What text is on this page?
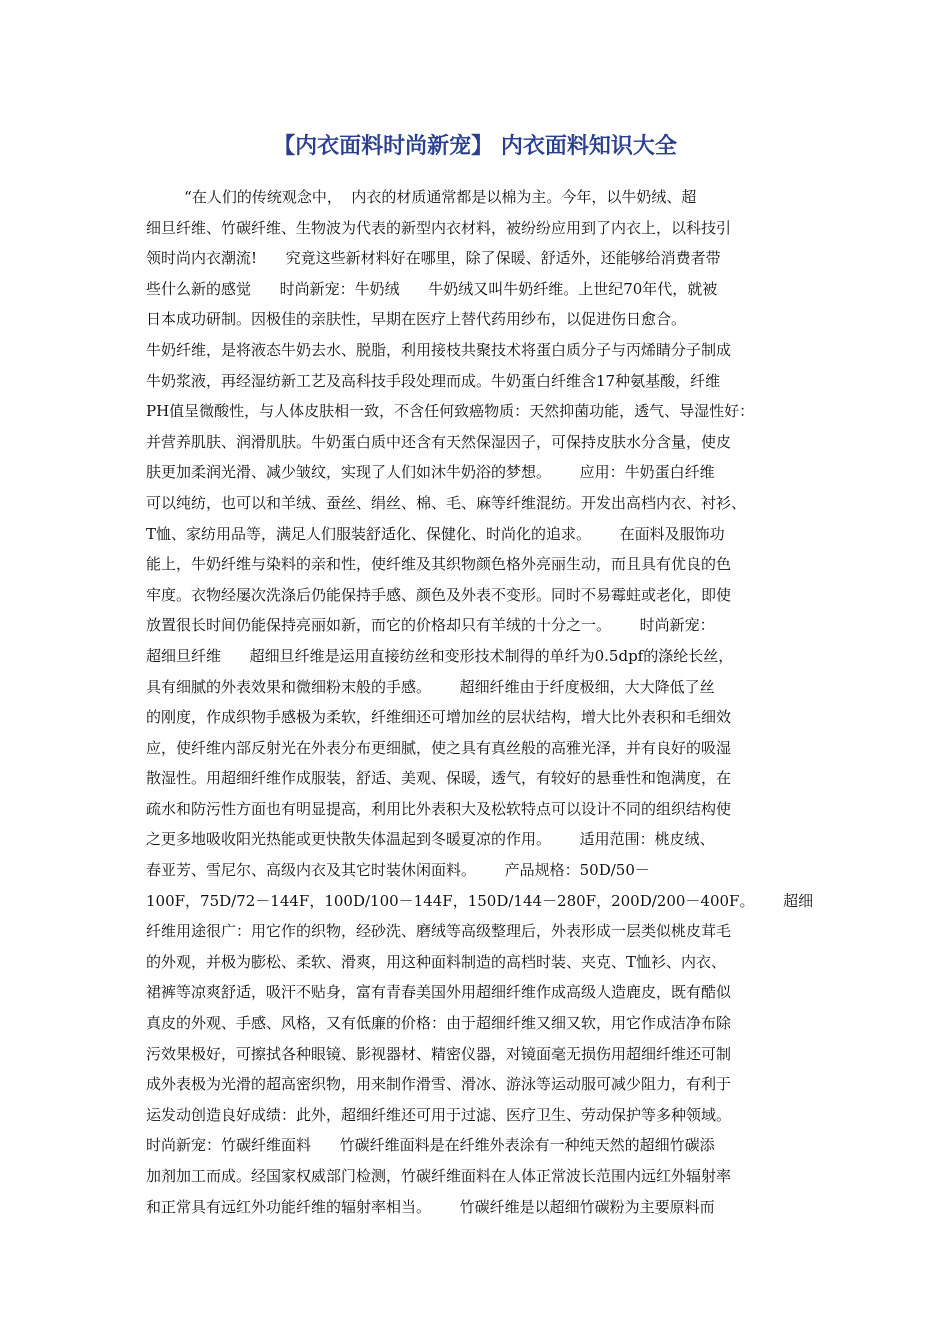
【内衣面料时尚新宠】 内衣面料知识大全
“在人们的传统观念中，  内衣的材质通常都是以棉为主。今年，以牛奶绒、超
细旦纤维、竹碳纤维、生物波为代表的新型内衣材料，被纷纷应用到了内衣上，以科技引
领时尚内衣潮流!      究竟这些新材料好在哪里，除了保暖、舒适外，还能够给消费者带
些什么新的感觉      时尚新宠：牛奶绒      牛奶绒又叫牛奶纤维。上世纪70年代，就被
日本成功研制。因极佳的亲肤性，早期在医疗上替代药用纱布，以促进伤日愈合。
牛奶纤维，是将液态牛奶去水、脱脂，利用接枝共聚技术将蛋白质分子与丙烯睛分子制成
牛奶浆液，再经湿纺新工艺及高科技手段处理而成。牛奶蛋白纤维含17种氨基酸，纤维
PH值呈微酸性，与人体皮肤相一致，不含任何致癌物质：天然抑菌功能，透气、导湿性好：
并营养肌肤、润滑肌肤。牛奶蛋白质中还含有天然保湿因子，可保持皮肤水分含量，使皮
肤更加柔润光滑、减少皱纹，实现了人们如沐牛奶浴的梦想。      应用：牛奶蛋白纤维
可以纯纺，也可以和羊绒、蚕丝、绢丝、棉、毛、麻等纤维混纺。开发出高档内衣、衬衫、
T恤、家纺用品等，满足人们服装舒适化、保健化、时尚化的追求。      在面料及服饰功
能上，牛奶纤维与染料的亲和性，使纤维及其织物颜色格外亮丽生动，而且具有优良的色
牢度。衣物经屡次洗涤后仍能保持手感、颜色及外表不变形。同时不易霉蛀或老化，即使
放置很长时间仍能保持亮丽如新，而它的价格却只有羊绒的十分之一。      时尚新宠：
超细旦纤维      超细旦纤维是运用直接纺丝和变形技术制得的单纤为0.5dpf的涤纶长丝，
具有细腻的外表效果和微细粉末般的手感。      超细纤维由于纤度极细，大大降低了丝
的刚度，作成织物手感极为柔软，纤维细还可增加丝的层状结构，增大比外表积和毛细效
应，使纤维内部反射光在外表分布更细腻，使之具有真丝般的高雅光泽，并有良好的吸湿
散湿性。用超细纤维作成服装，舒适、美观、保暖，透气，有较好的悬垂性和饱满度，在
疏水和防污性方面也有明显提高，利用比外表积大及松软特点可以设计不同的组织结构使
之更多地吸收阳光热能或更快散失体温起到冬暖夏凉的作用。      适用范围：桃皮绒、
春亚芳、雪尼尔、高级内衣及其它时装休闲面料。      产品规格：50D/50－
100F，75D/72－144F，100D/100－144F，150D/144－280F，200D/200－400F。      超细
纤维用途很广：用它作的织物，经砂洗、磨绒等高级整理后，外表形成一层类似桃皮茸毛
的外观，并极为膨松、柔软、滑爽，用这种面料制造的高档时装、夹克、T恤衫、内衣、
裙裤等凉爽舒适，吸汗不贴身，富有青春美国外用超细纤维作成高级人造鹿皮，既有酷似
真皮的外观、手感、风格，又有低廉的价格：由于超细纤维又细又软，用它作成洁净布除
污效果极好，可擦拭各种眼镜、影视器材、精密仪器，对镜面毫无损伤用超细纤维还可制
成外表极为光滑的超高密织物，用来制作滑雪、滑冰、游泳等运动服可减少阻力，有利于
运发动创造良好成绩：此外，超细纤维还可用于过滤、医疗卫生、劳动保护等多种领域。
时尚新宠：竹碳纤维面料      竹碳纤维面料是在纤维外表涂有一种纯天然的超细竹碳添
加剂加工而成。经国家权威部门检测，竹碳纤维面料在人体正常波长范围内远红外辐射率
和正常具有远红外功能纤维的辐射率相当。      竹碳纤维是以超细竹碳粉为主要原料而
